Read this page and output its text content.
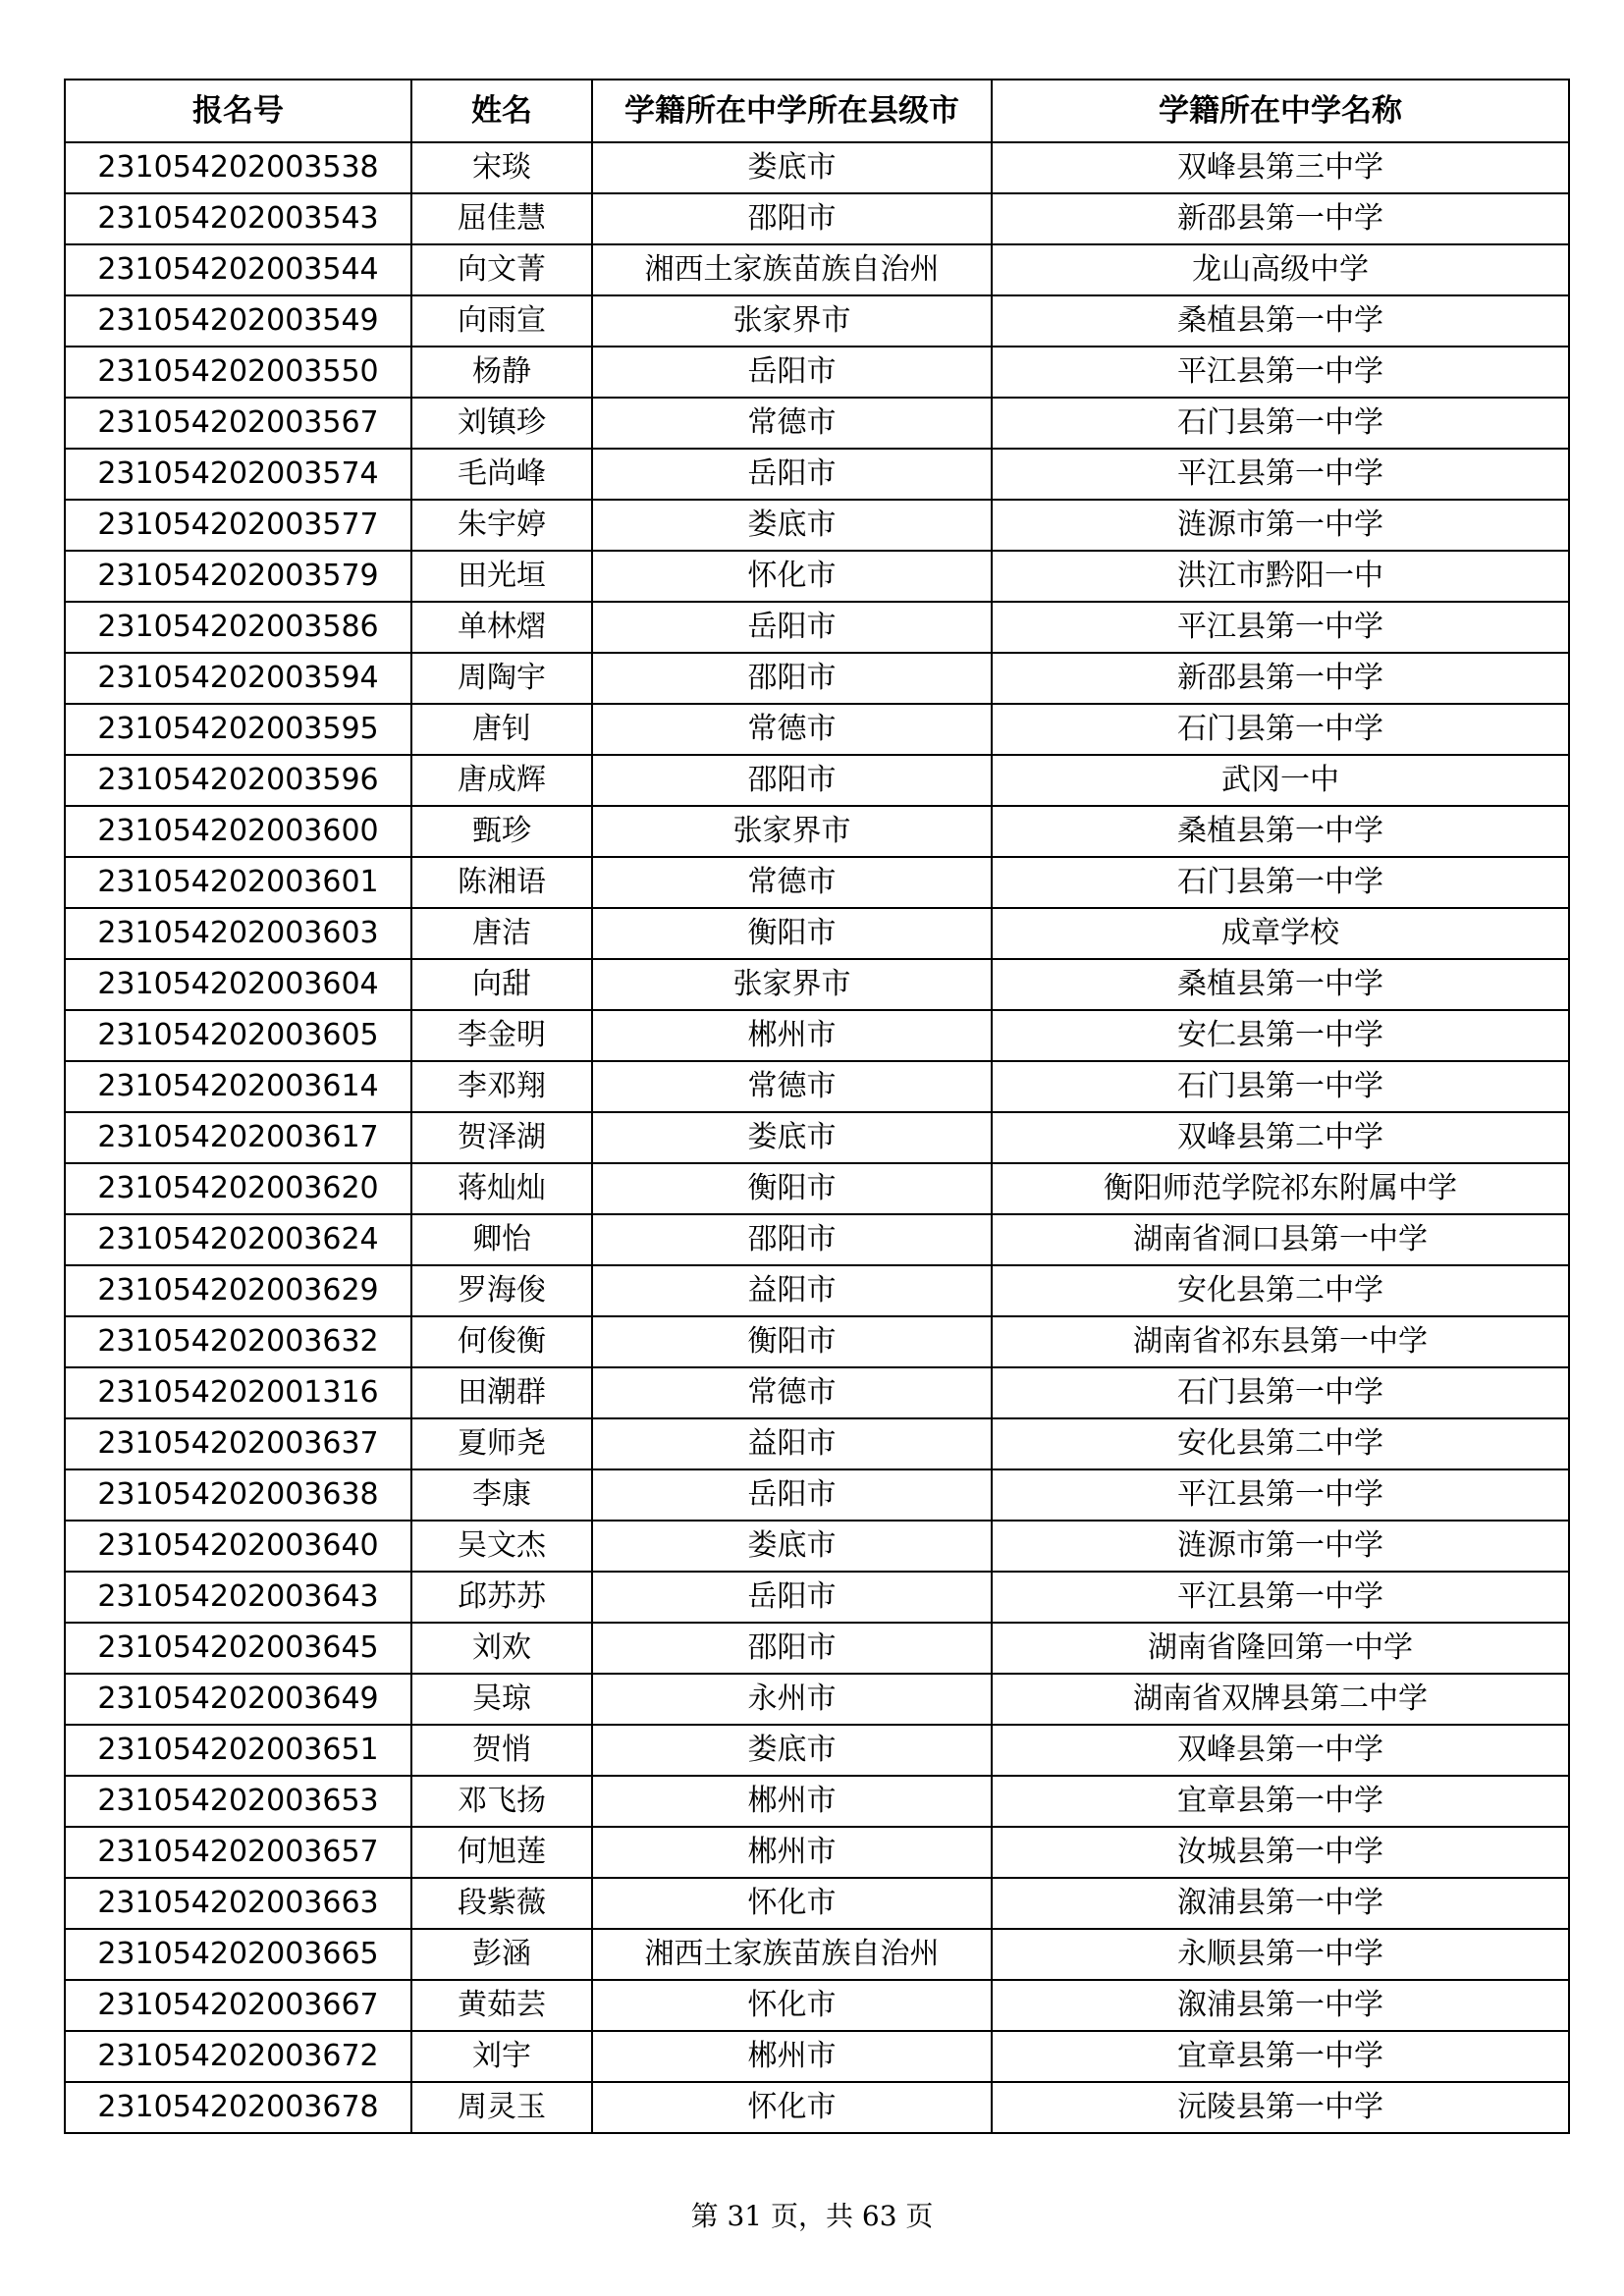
报名号	姓名	学籍所在中学所在县级市	学籍所在中学名称
231054202003538	宋琰	娄底市	双峰县第三中学
231054202003543	屈佳慧	邵阳市	新邵县第一中学
231054202003544	向文菁	湘西土家族苗族自治州	龙山高级中学
231054202003549	向雨宣	张家界市	桑植县第一中学
231054202003550	杨静	岳阳市	平江县第一中学
231054202003567	刘镇珍	常德市	石门县第一中学
231054202003574	毛尚峰	岳阳市	平江县第一中学
231054202003577	朱宇婷	娄底市	涟源市第一中学
231054202003579	田光垣	怀化市	洪江市黔阳一中
231054202003586	单林熠	岳阳市	平江县第一中学
231054202003594	周陶宇	邵阳市	新邵县第一中学
231054202003595	唐钊	常德市	石门县第一中学
231054202003596	唐成辉	邵阳市	武冈一中
231054202003600	甄珍	张家界市	桑植县第一中学
231054202003601	陈湘语	常德市	石门县第一中学
231054202003603	唐洁	衡阳市	成章学校
231054202003604	向甜	张家界市	桑植县第一中学
231054202003605	李金明	郴州市	安仁县第一中学
231054202003614	李邓翔	常德市	石门县第一中学
231054202003617	贺泽湖	娄底市	双峰县第二中学
231054202003620	蒋灿灿	衡阳市	衡阳师范学院祁东附属中学
231054202003624	卿怡	邵阳市	湖南省洞口县第一中学
231054202003629	罗海俊	益阳市	安化县第二中学
231054202003632	何俊衡	衡阳市	湖南省祁东县第一中学
231054202001316	田潮群	常德市	石门县第一中学
231054202003637	夏师尧	益阳市	安化县第二中学
231054202003638	李康	岳阳市	平江县第一中学
231054202003640	吴文杰	娄底市	涟源市第一中学
231054202003643	邱苏苏	岳阳市	平江县第一中学
231054202003645	刘欢	邵阳市	湖南省隆回第一中学
231054202003649	吴琼	永州市	湖南省双牌县第二中学
231054202003651	贺悄	娄底市	双峰县第一中学
231054202003653	邓飞扬	郴州市	宜章县第一中学
231054202003657	何旭莲	郴州市	汝城县第一中学
231054202003663	段紫薇	怀化市	溆浦县第一中学
231054202003665	彭涵	湘西土家族苗族自治州	永顺县第一中学
231054202003667	黄茹芸	怀化市	溆浦县第一中学
231054202003672	刘宇	郴州市	宜章县第一中学
231054202003678	周灵玉	怀化市	沅陵县第一中学
第 31 页，共 63 页
